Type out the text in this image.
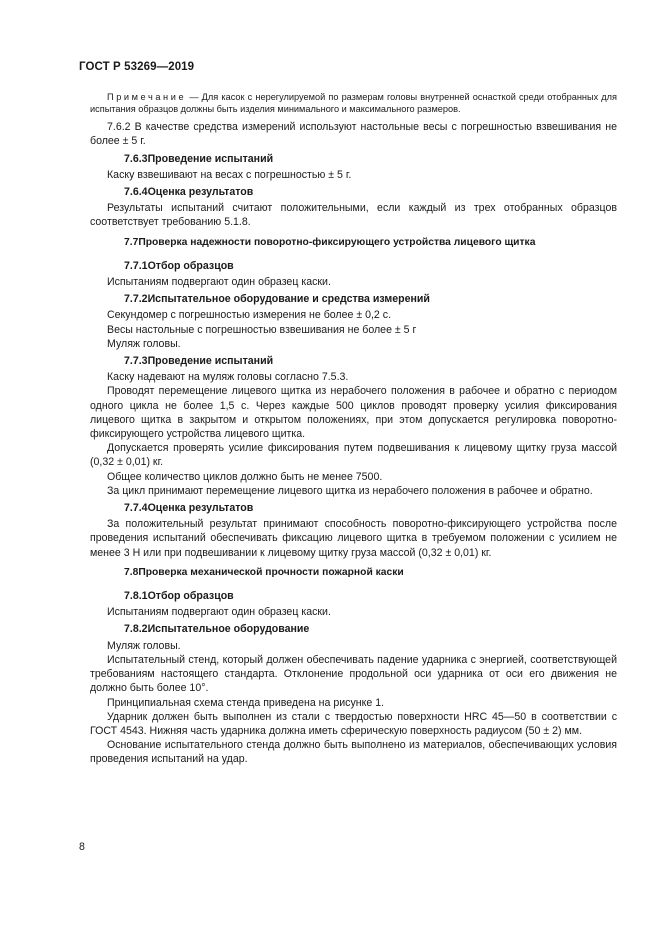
ГОСТ Р 53269—2019

Примечание — Для касок с нерегулируемой по размерам головы внутренней оснасткой среди отобранных для испытания образцов должны быть изделия минимального и максимального размеров.

7.6.2 В качестве средства измерений используют настольные весы с погрешностью взвешивания не более ± 5 г.

7.6.3Проведение испытаний

Каску взвешивают на весах с погрешностью ± 5 г.

7.6.4Оценка результатов

Результаты испытаний считают положительными, если каждый из трех отобранных образцов соответствует требованию 5.1.8.

7.7Проверка надежности поворотно-фиксирующего устройства лицевого щитка

7.7.1Отбор образцов

Испытаниям подвергают один образец каски.

7.7.2Испытательное оборудование и средства измерений

Секундомер с погрешностью измерения не более ± 0,2 с.

Весы настольные с погрешностью взвешивания не более ± 5 г

Муляж головы.

7.7.3Проведение испытаний

Каску надевают на муляж головы согласно 7.5.3.

Проводят перемещение лицевого щитка из нерабочего положения в рабочее и обратно с периодом одного цикла не более 1,5 с. Через каждые 500 циклов проводят проверку усилия фиксирования лицевого щитка в закрытом и открытом положениях, при этом допускается регулировка поворотно-фиксирующего устройства лицевого щитка.

Допускается проверять усилие фиксирования путем подвешивания к лицевому щитку груза массой (0,32 ± 0,01) кг.

Общее количество циклов должно быть не менее 7500.

За цикл принимают перемещение лицевого щитка из нерабочего положения в рабочее и обратно.

7.7.4Оценка результатов

За положительный результат принимают способность поворотно-фиксирующего устройства после проведения испытаний обеспечивать фиксацию лицевого щитка в требуемом положении с усилием не менее 3 Н или при подвешивании к лицевому щитку груза массой (0,32 ± 0,01) кг.

7.8Проверка механической прочности пожарной каски

7.8.1Отбор образцов

Испытаниям подвергают один образец каски.

7.8.2Испытательное оборудование

Муляж головы.

Испытательный стенд, который должен обеспечивать падение ударника с энергией, соответствующей требованиям настоящего стандарта. Отклонение продольной оси ударника от оси его движения не должно быть более 10°.

Принципиальная схема стенда приведена на рисунке 1.

Ударник должен быть выполнен из стали с твердостью поверхности HRC 45—50 в соответствии с ГОСТ 4543. Нижняя часть ударника должна иметь сферическую поверхность радиусом (50 ± 2) мм.

Основание испытательного стенда должно быть выполнено из материалов, обеспечивающих условия проведения испытаний на удар.

8
